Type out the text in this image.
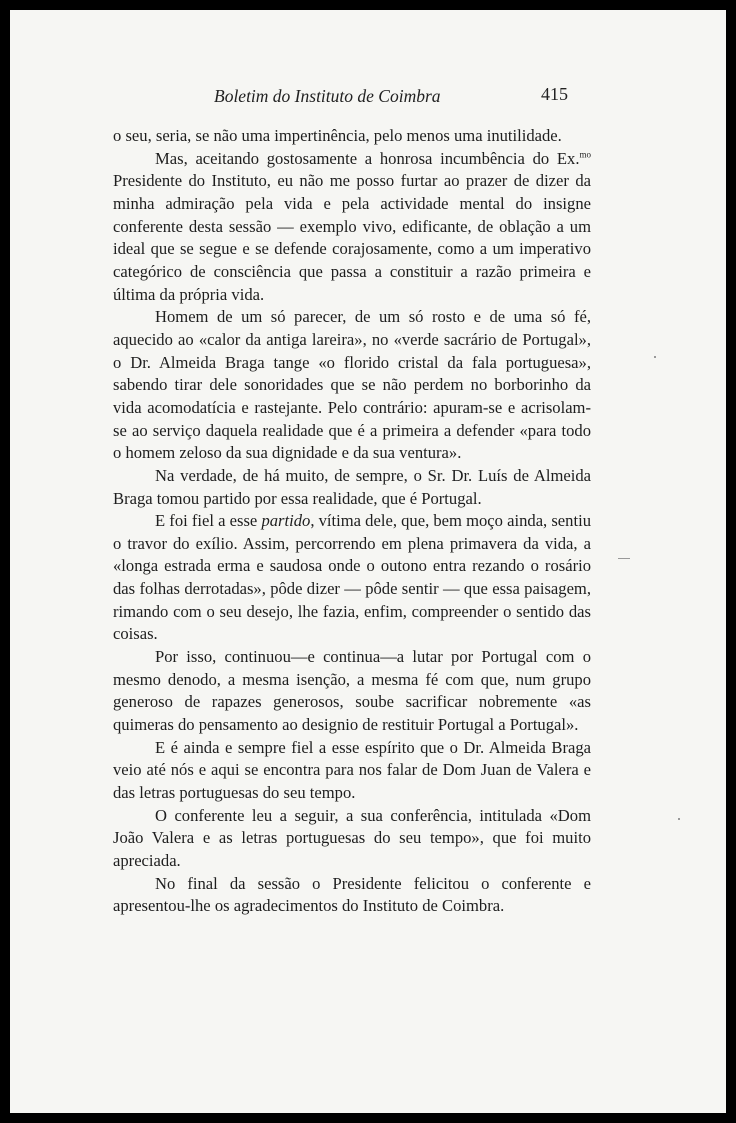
Boletim do Instituto de Coimbra	415

o seu, seria, se não uma impertinência, pelo menos uma inutilidade.

Mas, aceitando gostosamente a honrosa incumbência do Ex.$^{mo}$ Presidente do Instituto, eu não me posso furtar ao prazer de dizer da minha admiração pela vida e pela actividade mental do insigne conferente desta sessão — exemplo vivo, edificante, de oblação a um ideal que se segue e se defende corajosamente, como a um imperativo categórico de consciência que passa a constituir a razão primeira e última da própria vida.

Homem de um só parecer, de um só rosto e de uma só fé, aquecido ao «calor da antiga lareira», no «verde sacrário de Portugal», o Dr. Almeida Braga tange «o florido cristal da fala portuguesa», sabendo tirar dele sonoridades que se não perdem no borborinho da vida acomodatícia e rastejante. Pelo contrário: apuram-se e acrisolam-se ao serviço daquela realidade que é a primeira a defender «para todo o homem zeloso da sua dignidade e da sua ventura».

Na verdade, de há muito, de sempre, o Sr. Dr. Luís de Almeida Braga tomou partido por essa realidade, que é Portugal.

E foi fiel a esse partido, vítima dele, que, bem moço ainda, sentiu o travor do exílio. Assim, percorrendo em plena primavera da vida, a «longa estrada erma e saudosa onde o outono entra rezando o rosário das folhas derrotadas», pôde dizer — pôde sentir — que essa paisagem, rimando com o seu desejo, lhe fazia, enfim, compreender o sentido das coisas.

Por isso, continuou—e continua—a lutar por Portugal com o mesmo denodo, a mesma isenção, a mesma fé com que, num grupo generoso de rapazes generosos, soube sacrificar nobremente «as quimeras do pensamento ao designio de restituir Portugal a Portugal».

E é ainda e sempre fiel a esse espírito que o Dr. Almeida Braga veio até nós e aqui se encontra para nos falar de Dom Juan de Valera e das letras portuguesas do seu tempo.

O conferente leu a seguir, a sua conferência, intitulada «Dom João Valera e as letras portuguesas do seu tempo», que foi muito apreciada.

No final da sessão o Presidente felicitou o conferente e apresentou-lhe os agradecimentos do Instituto de Coimbra.
